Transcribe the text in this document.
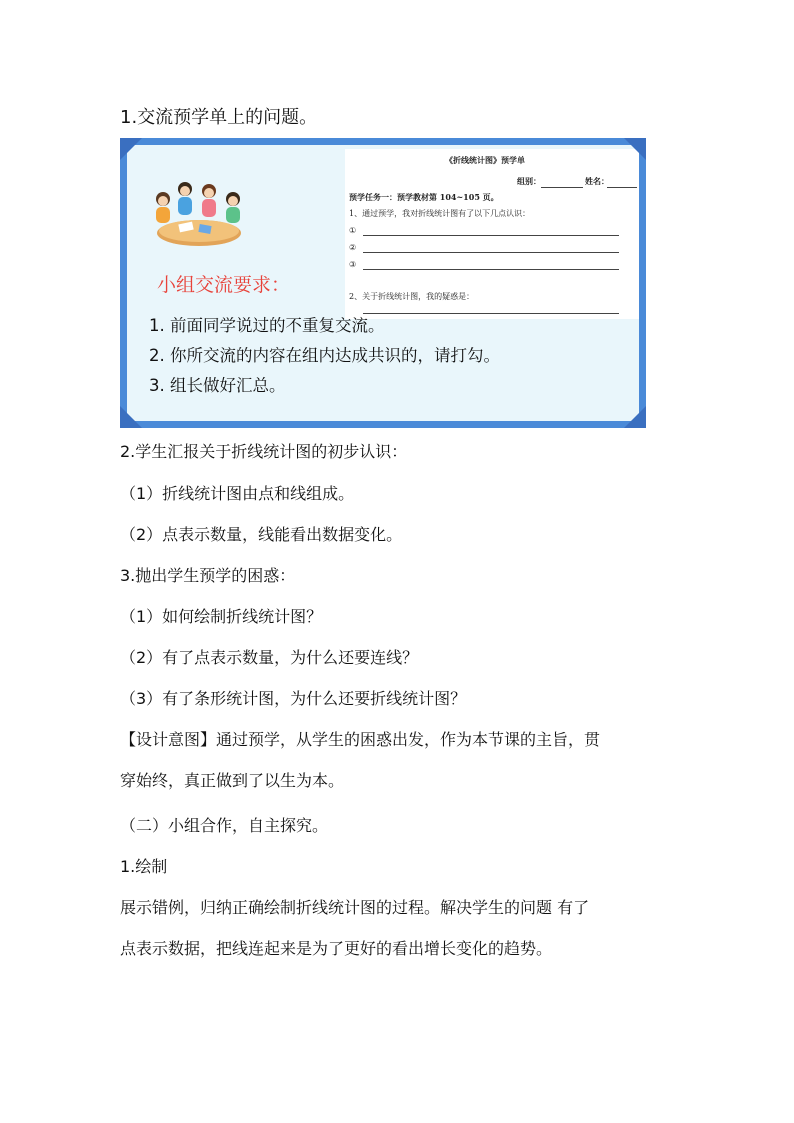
1.交流预学单上的问题。
《折线统计图》预学单
组别：	姓名：
预学任务一：预学教材第 104~105 页。
1、通过预学，我对折线统计图有了以下几点认识：
①
②
③
2、关于折线统计图，我的疑惑是：
小组交流要求：
1. 前面同学说过的不重复交流。
2. 你所交流的内容在组内达成共识的，请打勾。
3. 组长做好汇总。
2.学生汇报关于折线统计图的初步认识：
（1）折线统计图由点和线组成。
（2）点表示数量，线能看出数据变化。
3.抛出学生预学的困惑：
（1）如何绘制折线统计图？
（2）有了点表示数量，为什么还要连线？
（3）有了条形统计图，为什么还要折线统计图？
【设计意图】通过预学，从学生的困惑出发，作为本节课的主旨，贯
穿始终，真正做到了以生为本。
（二）小组合作，自主探究。
1.绘制
展示错例，归纳正确绘制折线统计图的过程。解决学生的问题 有了
点表示数据，把线连起来是为了更好的看出增长变化的趋势。
